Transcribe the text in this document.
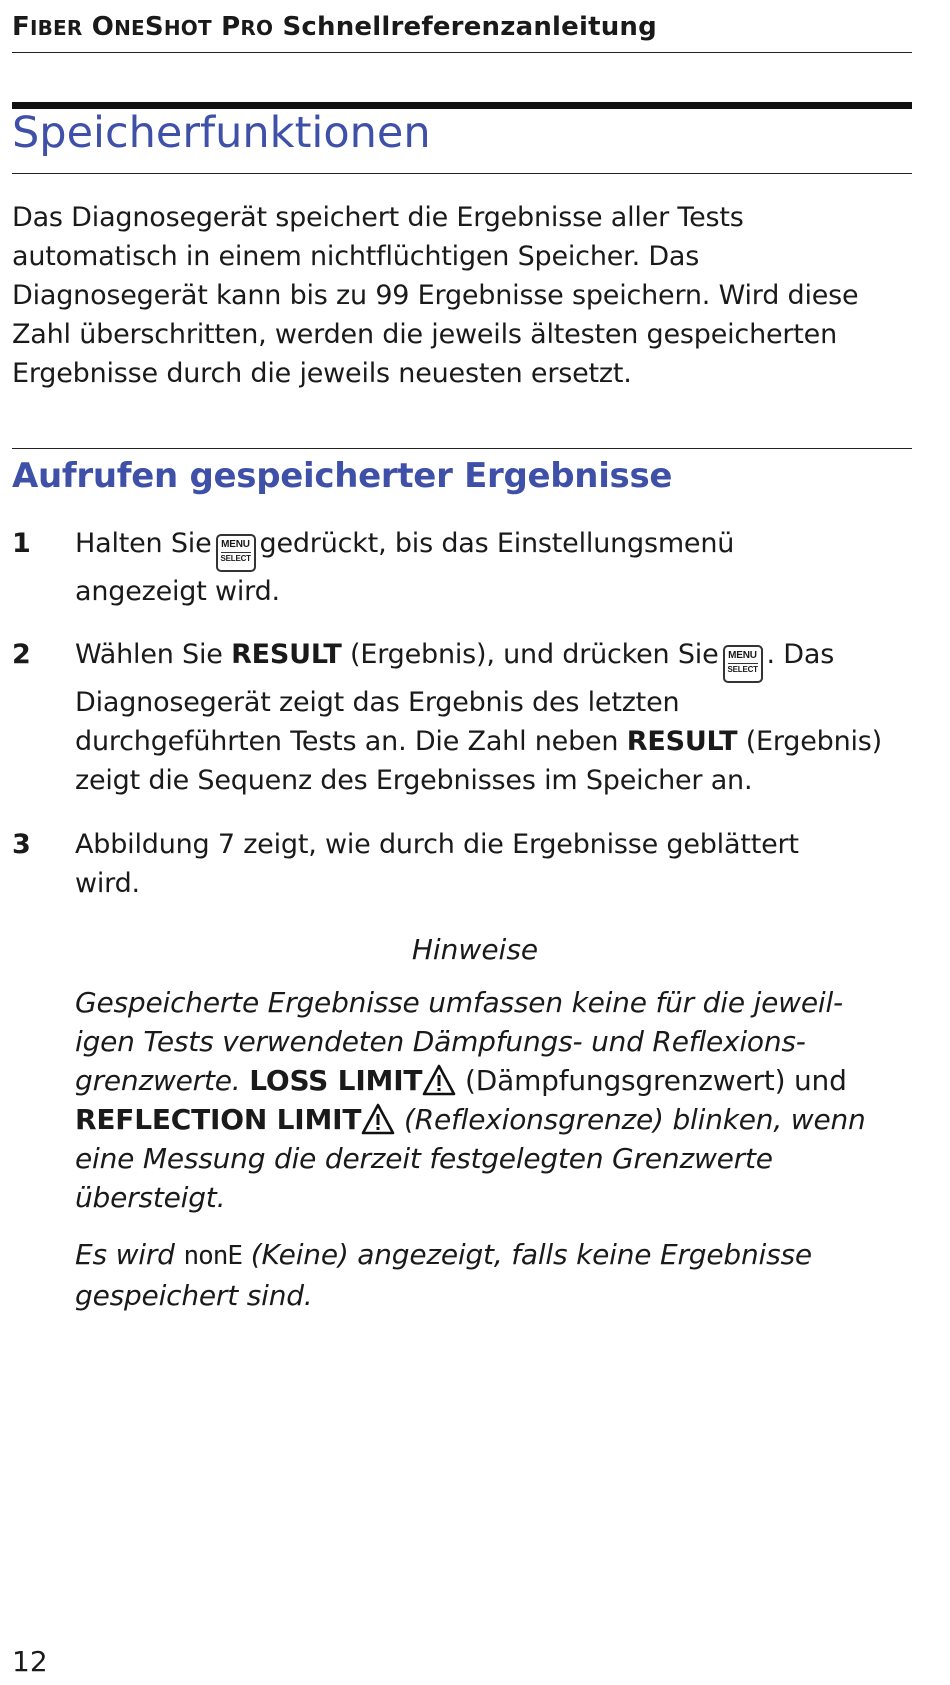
FIBER ONESHOT PRO Schnellreferenzanleitung
Speicherfunktionen
Das Diagnosegerät speichert die Ergebnisse aller Tests
automatisch in einem nichtflüchtigen Speicher. Das
Diagnosegerät kann bis zu 99 Ergebnisse speichern. Wird diese
Zahl überschritten, werden die jeweils ältesten gespeicherten
Ergebnisse durch die jeweils neuesten ersetzt.
Aufrufen gespeicherter Ergebnisse
1 Halten Sie MENU
SELECT gedrückt, bis das Einstellungsmenü
angezeigt wird.
2 Wählen Sie RESULT (Ergebnis), und drücken Sie MENU
SELECT . Das
Diagnosegerät zeigt das Ergebnis des letzten
durchgeführten Tests an. Die Zahl neben RESULT (Ergebnis)
zeigt die Sequenz des Ergebnisses im Speicher an.
3 Abbildung 7 zeigt, wie durch die Ergebnisse geblättert
wird.
Hinweise
Gespeicherte Ergebnisse umfassen keine für die jeweil-
igen Tests verwendeten Dämpfungs- und Reflexions-
grenzwerte. LOSS LIMIT (Dämpfungsgrenzwert) und
REFLECTION LIMIT (Reflexionsgrenze) blinken, wenn
eine Messung die derzeit festgelegten Grenzwerte
übersteigt.
Es wird nonE (Keine) angezeigt, falls keine Ergebnisse
gespeichert sind.
12
